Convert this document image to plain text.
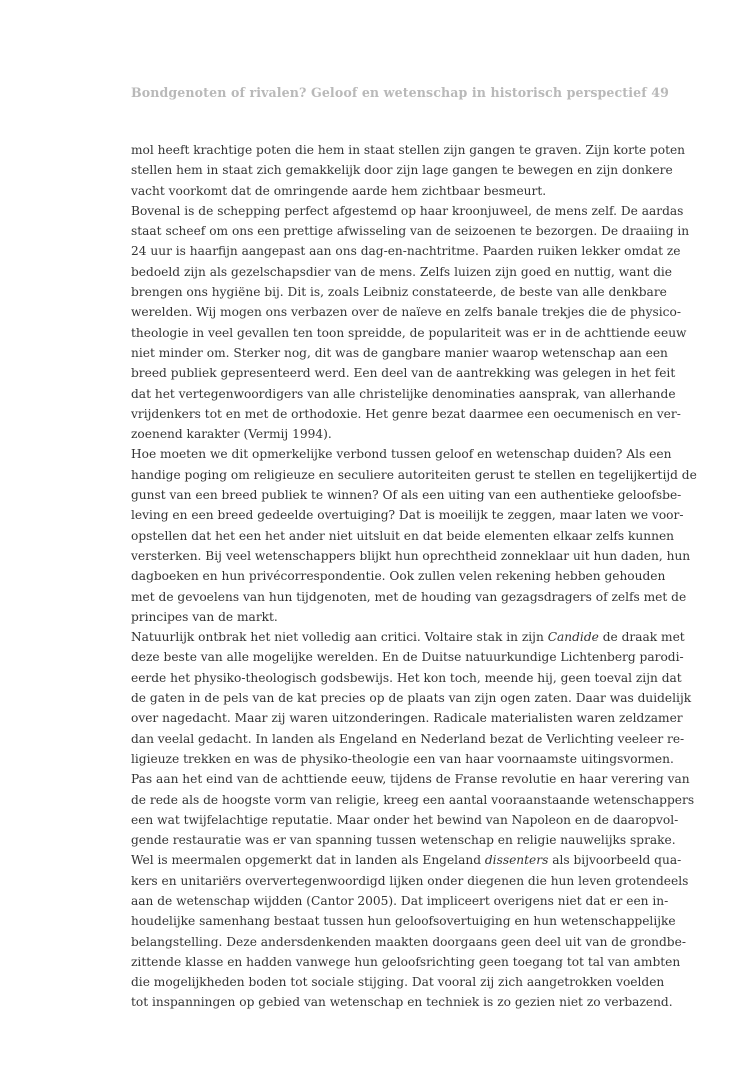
Bondgenoten of rivalen? Geloof en wetenschap in historisch perspectief 49
mol heeft krachtige poten die hem in staat stellen zijn gangen te graven. Zijn korte poten
stellen hem in staat zich gemakkelijk door zijn lage gangen te bewegen en zijn donkere
vacht voorkomt dat de omringende aarde hem zichtbaar besmeurt.
Bovenal is de schepping perfect afgestemd op haar kroonjuweel, de mens zelf. De aardas
staat scheef om ons een prettige afwisseling van de seizoenen te bezorgen. De draaiing in
24 uur is haarfijn aangepast aan ons dag-en-nachtritme. Paarden ruiken lekker omdat ze
bedoeld zijn als gezelschapsdier van de mens. Zelfs luizen zijn goed en nuttig, want die
brengen ons hygiëne bij. Dit is, zoals Leibniz constateerde, de beste van alle denkbare
werelden. Wij mogen ons verbazen over de naïeve en zelfs banale trekjes die de physico-
theologie in veel gevallen ten toon spreidde, de populariteit was er in de achttiende eeuw
niet minder om. Sterker nog, dit was de gangbare manier waarop wetenschap aan een
breed publiek gepresenteerd werd. Een deel van de aantrekking was gelegen in het feit
dat het vertegenwoordigers van alle christelijke denominaties aansprak, van allerhande
vrijdenkers tot en met de orthodoxie. Het genre bezat daarmee een oecumenisch en ver-
zoenend karakter (Vermij 1994).
Hoe moeten we dit opmerkelijke verbond tussen geloof en wetenschap duiden? Als een
handige poging om religieuze en seculiere autoriteiten gerust te stellen en tegelijkertijd de
gunst van een breed publiek te winnen? Of als een uiting van een authentieke geloofsbe-
leving en een breed gedeelde overtuiging? Dat is moeilijk te zeggen, maar laten we voor-
opstellen dat het een het ander niet uitsluit en dat beide elementen elkaar zelfs kunnen
versterken. Bij veel wetenschappers blijkt hun oprechtheid zonneklaar uit hun daden, hun
dagboeken en hun privécorrespondentie. Ook zullen velen rekening hebben gehouden
met de gevoelens van hun tijdgenoten, met de houding van gezagsdragers of zelfs met de
principes van de markt.
Natuurlijk ontbrak het niet volledig aan critici. Voltaire stak in zijn Candide de draak met
deze beste van alle mogelijke werelden. En de Duitse natuurkundige Lichtenberg parodi-
eerde het physiko-theologisch godsbewijs. Het kon toch, meende hij, geen toeval zijn dat
de gaten in de pels van de kat precies op de plaats van zijn ogen zaten. Daar was duidelijk
over nagedacht. Maar zij waren uitzonderingen. Radicale materialisten waren zeldzamer
dan veelal gedacht. In landen als Engeland en Nederland bezat de Verlichting veeleer re-
ligieuze trekken en was de physiko-theologie een van haar voornaamste uitingsvormen.
Pas aan het eind van de achttiende eeuw, tijdens de Franse revolutie en haar verering van
de rede als de hoogste vorm van religie, kreeg een aantal vooraanstaande wetenschappers
een wat twijfelachtige reputatie. Maar onder het bewind van Napoleon en de daaropvol-
gende restauratie was er van spanning tussen wetenschap en religie nauwelijks sprake.
Wel is meermalen opgemerkt dat in landen als Engeland dissenters als bijvoorbeeld qua-
kers en unitariërs oververtegenwoordigd lijken onder diegenen die hun leven grotendeels
aan de wetenschap wijdden (Cantor 2005). Dat impliceert overigens niet dat er een in-
houdelijke samenhang bestaat tussen hun geloofsovertuiging en hun wetenschappelijke
belangstelling. Deze andersdenkenden maakten doorgaans geen deel uit van de grondbe-
zittende klasse en hadden vanwege hun geloofsrichting geen toegang tot tal van ambten
die mogelijkheden boden tot sociale stijging. Dat vooral zij zich aangetrokken voelden
tot inspanningen op gebied van wetenschap en techniek is zo gezien niet zo verbazend.
